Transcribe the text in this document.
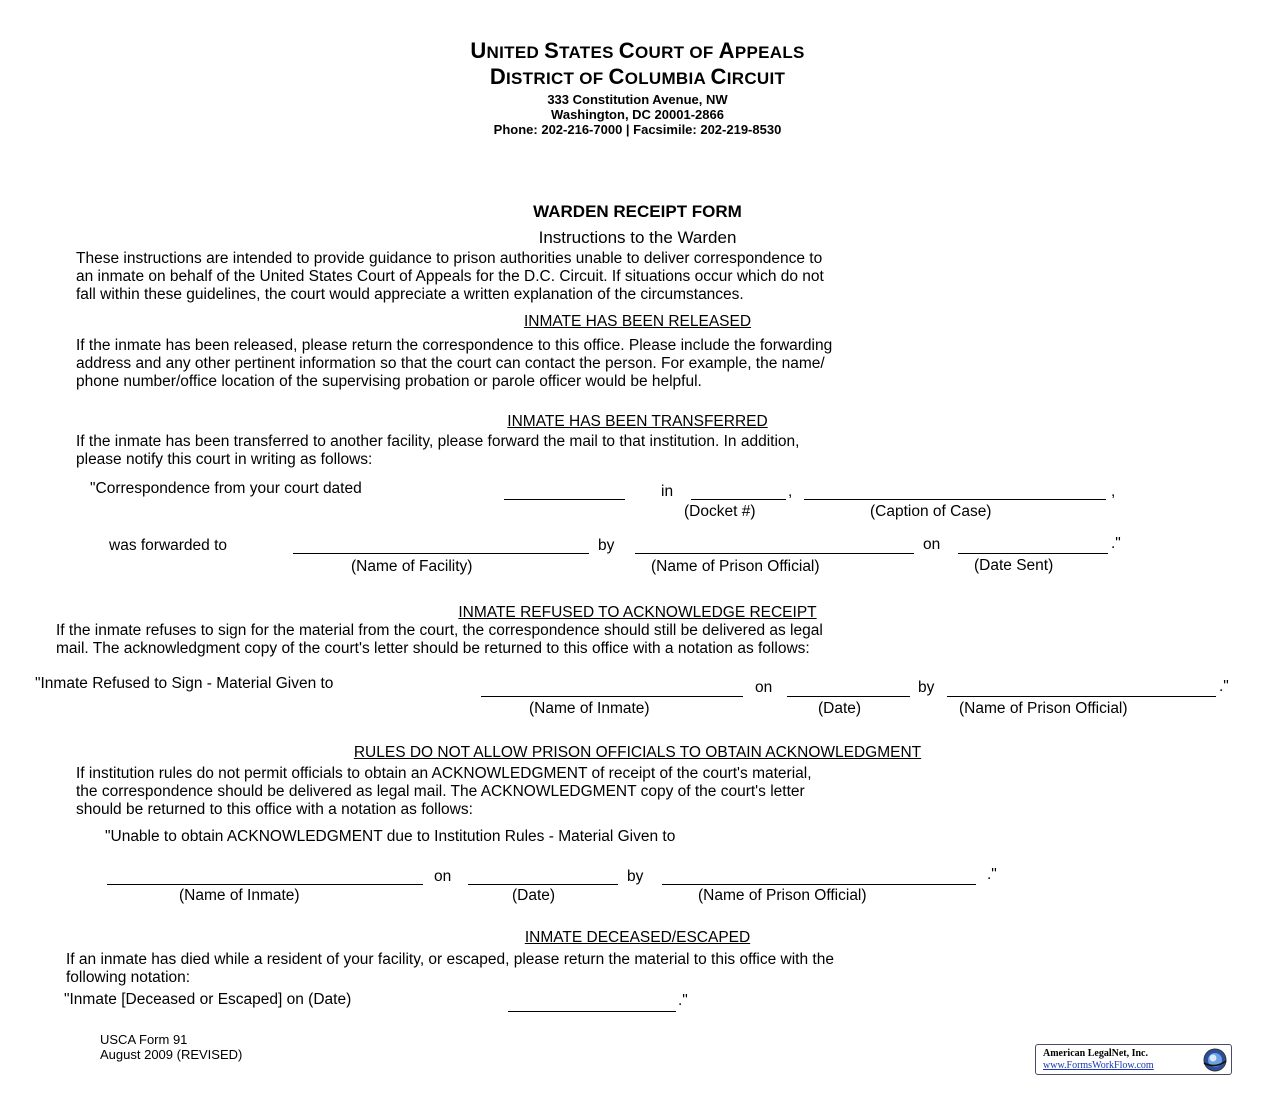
UNITED STATES COURT OF APPEALS
DISTRICT OF COLUMBIA CIRCUIT
333 Constitution Avenue, NW
Washington, DC 20001-2866
Phone: 202-216-7000 | Facsimile: 202-219-8530
WARDEN RECEIPT FORM
Instructions to the Warden
These instructions are intended to provide guidance to prison authorities unable to deliver correspondence to
an inmate on behalf of the United States Court of Appeals for the D.C. Circuit. If situations occur which do not
fall within these guidelines, the court would appreciate a written explanation of the circumstances.
INMATE HAS BEEN RELEASED
If the inmate has been released, please return the correspondence to this office. Please include the forwarding
address and any other pertinent information so that the court can contact the person. For example, the name/
phone number/office location of the supervising probation or parole officer would be helpful.
INMATE HAS BEEN TRANSFERRED
If the inmate has been transferred to another facility, please forward the mail to that institution. In addition,
please notify this court in writing as follows:
"Correspondence from your court dated	in	,	,
(Docket #)	(Caption of Case)
was forwarded to	by	on	."
(Name of Facility)	(Name of Prison Official)	(Date Sent)
INMATE REFUSED TO ACKNOWLEDGE RECEIPT
If the inmate refuses to sign for the material from the court, the correspondence should still be delivered as legal
mail. The acknowledgment copy of the court's letter should be returned to this office with a notation as follows:
"Inmate Refused to Sign - Material Given to	on	by	."
(Name of Inmate)	(Date)	(Name of Prison Official)
RULES DO NOT ALLOW PRISON OFFICIALS TO OBTAIN ACKNOWLEDGMENT
If institution rules do not permit officials to obtain an ACKNOWLEDGMENT of receipt of the court's material,
the correspondence should be delivered as legal mail. The ACKNOWLEDGMENT copy of the court's letter
should be returned to this office with a notation as follows:
"Unable to obtain ACKNOWLEDGMENT due to Institution Rules - Material Given to
on	by	."
(Name of Inmate)	(Date)	(Name of Prison Official)
INMATE DECEASED/ESCAPED
If an inmate has died while a resident of your facility, or escaped, please return the material to this office with the
following notation:
"Inmate [Deceased or Escaped] on (Date)	."
USCA Form 91
August 2009 (REVISED)	American LegalNet, Inc.
www.FormsWorkFlow.com
